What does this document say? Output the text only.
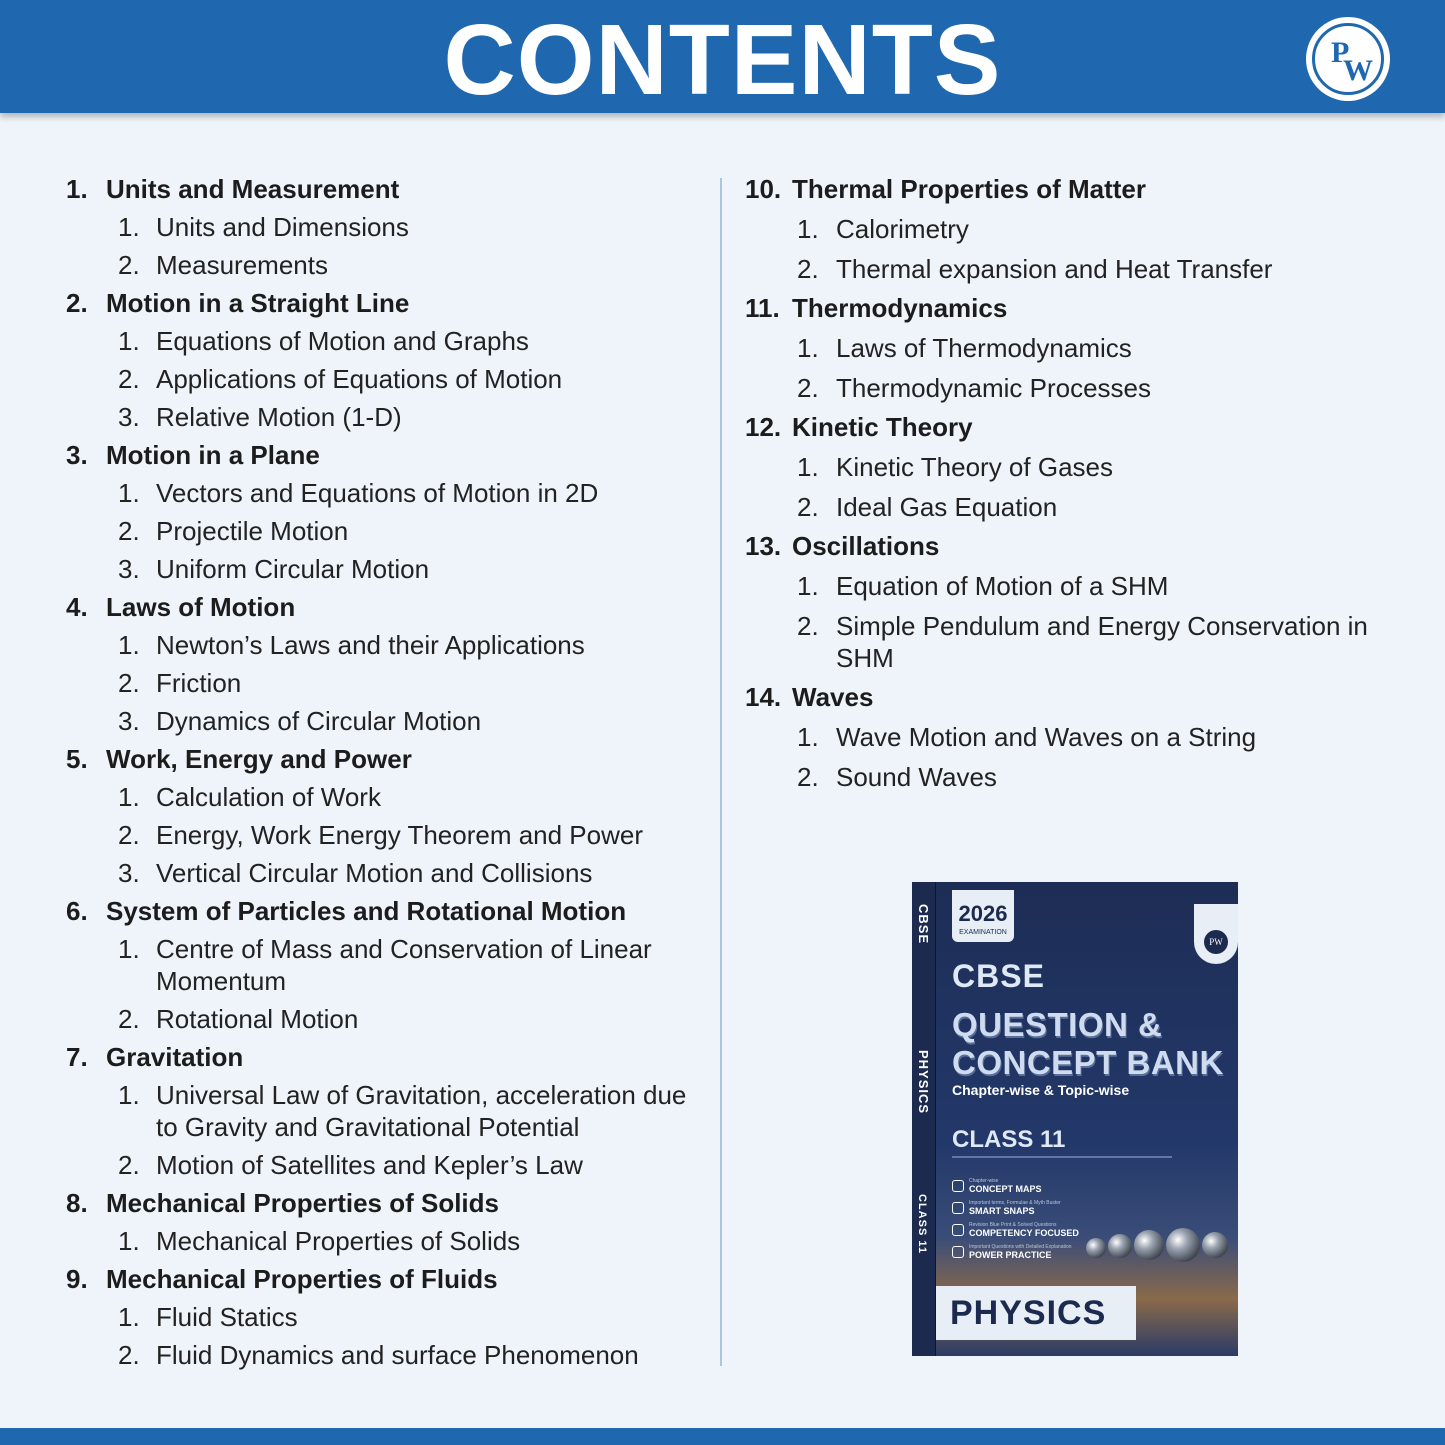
CONTENTS	P
W
1. Units and Measurement
1. Units and Dimensions
2. Measurements
2. Motion in a Straight Line
1. Equations of Motion and Graphs
2. Applications of Equations of Motion
3. Relative Motion (1-D)
3. Motion in a Plane
1. Vectors and Equations of Motion in 2D
2. Projectile Motion
3. Uniform Circular Motion
4. Laws of Motion
1. Newton’s Laws and their Applications
2. Friction
3. Dynamics of Circular Motion
5. Work, Energy and Power
1. Calculation of Work
2. Energy, Work Energy Theorem and Power
3. Vertical Circular Motion and Collisions
6. System of Particles and Rotational Motion
1. Centre of Mass and Conservation of Linear Momentum
2. Rotational Motion
7. Gravitation
1. Universal Law of Gravitation, acceleration due to Gravity and Gravitational Potential
2. Motion of Satellites and Kepler’s Law
8. Mechanical Properties of Solids
1. Mechanical Properties of Solids
9. Mechanical Properties of Fluids
1. Fluid Statics
2. Fluid Dynamics and surface Phenomenon
10. Thermal Properties of Matter
1. Calorimetry
2. Thermal expansion and Heat Transfer
11. Thermodynamics
1. Laws of Thermodynamics
2. Thermodynamic Processes
12. Kinetic Theory
1. Kinetic Theory of Gases
2. Ideal Gas Equation
13. Oscillations
1. Equation of Motion of a SHM
2. Simple Pendulum and Energy Conservation in SHM
14. Waves
1. Wave Motion and Waves on a String
2. Sound Waves
CBSE
PHYSICS
CLASS 11
2026
EXAMINATION
PW
CBSE
QUESTION &
CONCEPT BANK
Chapter-wise & Topic-wise
CLASS 11
Chapter-wise
CONCEPT MAPS
Important terms, Formulae & Myth Buster
SMART SNAPS
Revision Blue Print & Solved Questions
COMPETENCY FOCUSED
Important Questions with Detailed Explanation
POWER PRACTICE
PHYSICS
